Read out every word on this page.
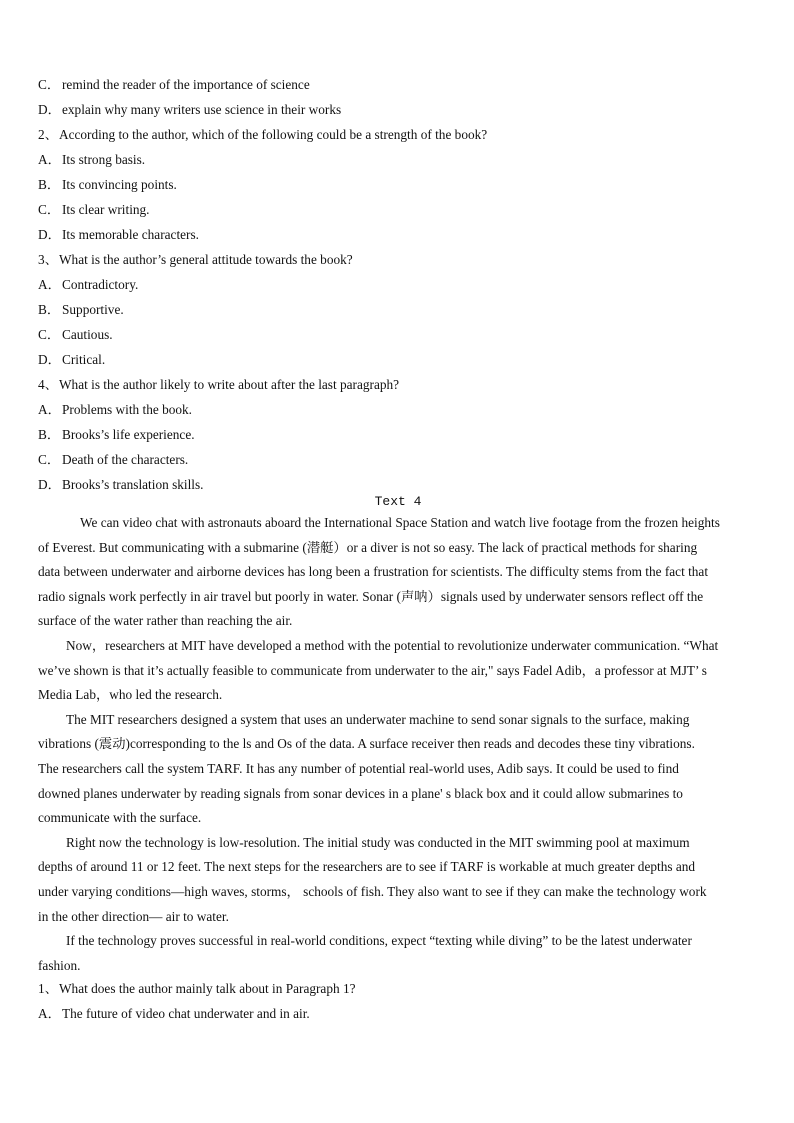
C． remind the reader of the importance of science
D．explain why many writers use science in their works
2、According to the author, which of the following could be a strength of the book?
A．Its strong basis.
B． Its convincing points.
C． Its clear writing.
D．Its memorable characters.
3、What is the author’s general attitude towards the book?
A．Contradictory.
B． Supportive.
C． Cautious.
D．Critical.
4、What is the author likely to write about after the last paragraph?
A．Problems with the book.
B． Brooks’s life experience.
C． Death of the characters.
D．Brooks’s translation skills.
Text 4
We can video chat with astronauts aboard the International Space Station and watch live footage from the frozen heights
of Everest. But communicating with a submarine (潜艇）or a diver is not so easy. The lack of practical methods for sharing
data between underwater and airborne devices has long been a frustration for scientists. The difficulty stems from the fact that
radio signals work perfectly in air travel but poorly in water. Sonar (声呐）signals used by underwater sensors reflect off the
surface of the water rather than reaching the air.
Now，researchers at MIT have developed a method with the potential to revolutionize underwater communication. “What
we’ve shown is that it’s actually feasible to communicate from underwater to the air," says Fadel Adib，a professor at MJT’ s
Media Lab，who led the research.
The MIT researchers designed a system that uses an underwater machine to send sonar signals to the surface, making
vibrations (震动)corresponding to the ls and Os of the data. A surface receiver then reads and decodes these tiny vibrations.
The researchers call the system TARF. It has any number of potential real-world uses, Adib says. It could be used to find
downed planes underwater by reading signals from sonar devices in a plane' s black box and it could allow submarines to
communicate with the surface.
Right now the technology is low-resolution. The initial study was conducted in the MIT swimming pool at maximum
depths of around 11 or 12 feet. The next steps for the researchers are to see if TARF is workable at much greater depths and
under varying conditions—high waves, storms， schools of fish. They also want to see if they can make the technology work
in the other direction— air to water.
If the technology proves successful in real-world conditions, expect “texting while diving” to be the latest underwater
fashion.
1、What does the author mainly talk about in Paragraph 1?
A．The future of video chat underwater and in air.
